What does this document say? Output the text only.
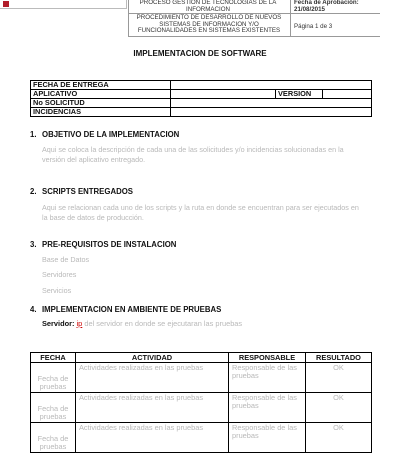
PROCESO GESTION DE TECNOLOGIAS DE LA INFORMACION
PROCEDIMIENTO DE DESARROLLO DE NUEVOS SISTEMAS DE INFORMACION Y/O FUNCIONALIDADES EN SISTEMAS EXISTENTES
Fecha de Aprobación:
21/08/2015
Página 1 de 3
IMPLEMENTACION DE SOFTWARE
FECHA DE ENTREGA			
APLICATIVO		VERSION	
No SOLICITUD			
INCIDENCIAS			
1. OBJETIVO DE LA IMPLEMENTACION
Aqui se coloca la descripción de cada una de las solicitudes y/o incidencias solucionadas en la versión del aplicativo entregado.
2. SCRIPTS ENTREGADOS
Aqui se relacionan cada uno de los scripts y la ruta en donde se encuentran para ser ejecutados en la base de datos de producción.
3. PRE-REQUISITOS DE INSTALACION
Base de Datos
Servidores
Servicios
4. IMPLEMENTACION EN AMBIENTE DE PRUEBAS
Servidor: ip del servidor en donde se ejecutaran las pruebas
FECHA	ACTIVIDAD	RESPONSABLE	RESULTADO
Fecha de pruebas	Actividades realizadas en las pruebas	Responsable de las pruebas	OK
Fecha de pruebas	Actividades realizadas en las pruebas	Responsable de las pruebas	OK
Fecha de pruebas	Actividades realizadas en las pruebas	Responsable de las pruebas	OK
